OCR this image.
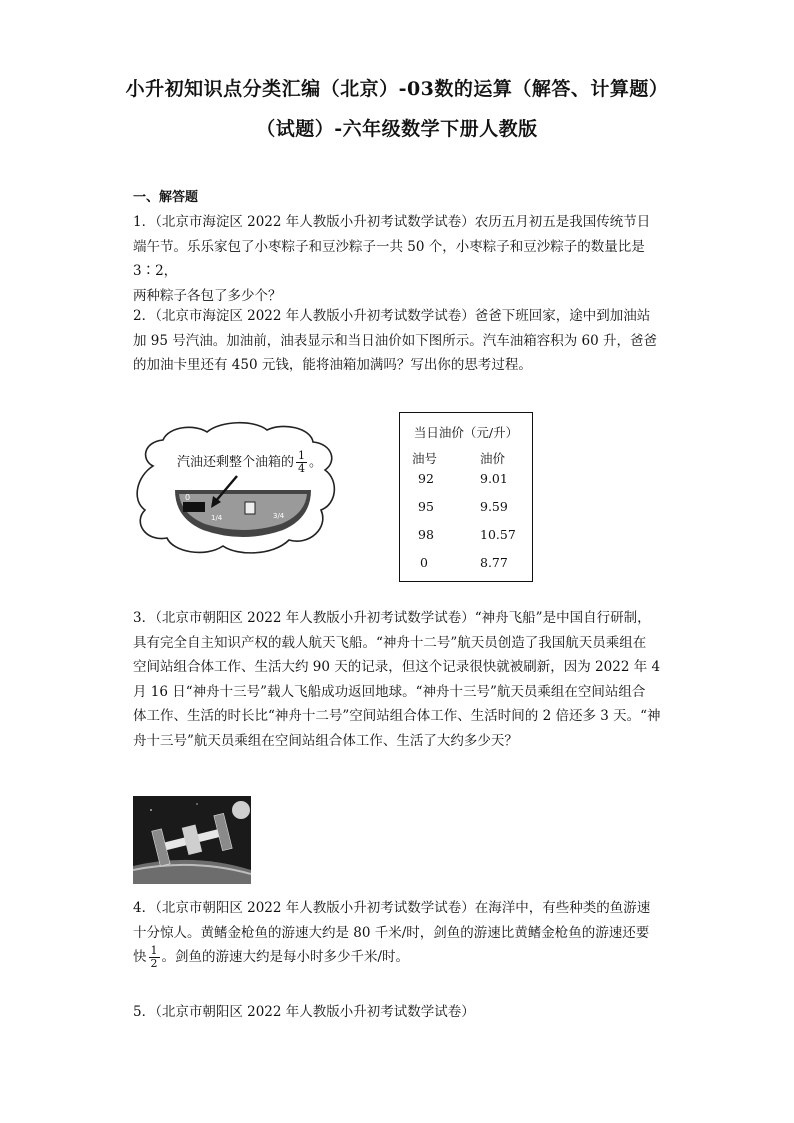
小升初知识点分类汇编（北京）-03数的运算（解答、计算题）
（试题）-六年级数学下册人教版
一、解答题
1．（北京市海淀区 2022 年人教版小升初考试数学试卷）农历五月初五是我国传统节日
端午节。乐乐家包了小枣粽子和豆沙粽子一共 50 个，小枣粽子和豆沙粽子的数量比是 3∶2，
两种粽子各包了多少个？
2．（北京市海淀区 2022 年人教版小升初考试数学试卷）爸爸下班回家，途中到加油站
加 95 号汽油。加油前，油表显示和当日油价如下图所示。汽车油箱容积为 60 升，爸爸
的加油卡里还有 450 元钱，能将油箱加满吗？写出你的思考过程。
0
1/4	3/4
汽油还剩整个油箱的 $\frac{1}{4}$ 。
当日油价（元/升）
油号	油价
92	9.01
95	9.59
98	10.57
0	8.77
3．（北京市朝阳区 2022 年人教版小升初考试数学试卷）“神舟飞船”是中国自行研制，
具有完全自主知识产权的载人航天飞船。“神舟十二号”航天员创造了我国航天员乘组在
空间站组合体工作、生活大约 90 天的记录，但这个记录很快就被刷新，因为 2022 年 4
月 16 日“神舟十三号”载人飞船成功返回地球。“神舟十三号”航天员乘组在空间站组合
体工作、生活的时长比“神舟十二号”空间站组合体工作、生活时间的 2 倍还多 3 天。“神
舟十三号”航天员乘组在空间站组合体工作、生活了大约多少天？
4．（北京市朝阳区 2022 年人教版小升初考试数学试卷）在海洋中，有些种类的鱼游速
十分惊人。黄鳍金枪鱼的游速大约是 80 千米/时，剑鱼的游速比黄鳍金枪鱼的游速还要
快 $\frac{1}{2}$ 。剑鱼的游速大约是每小时多少千米/时。
5．（北京市朝阳区 2022 年人教版小升初考试数学试卷）
